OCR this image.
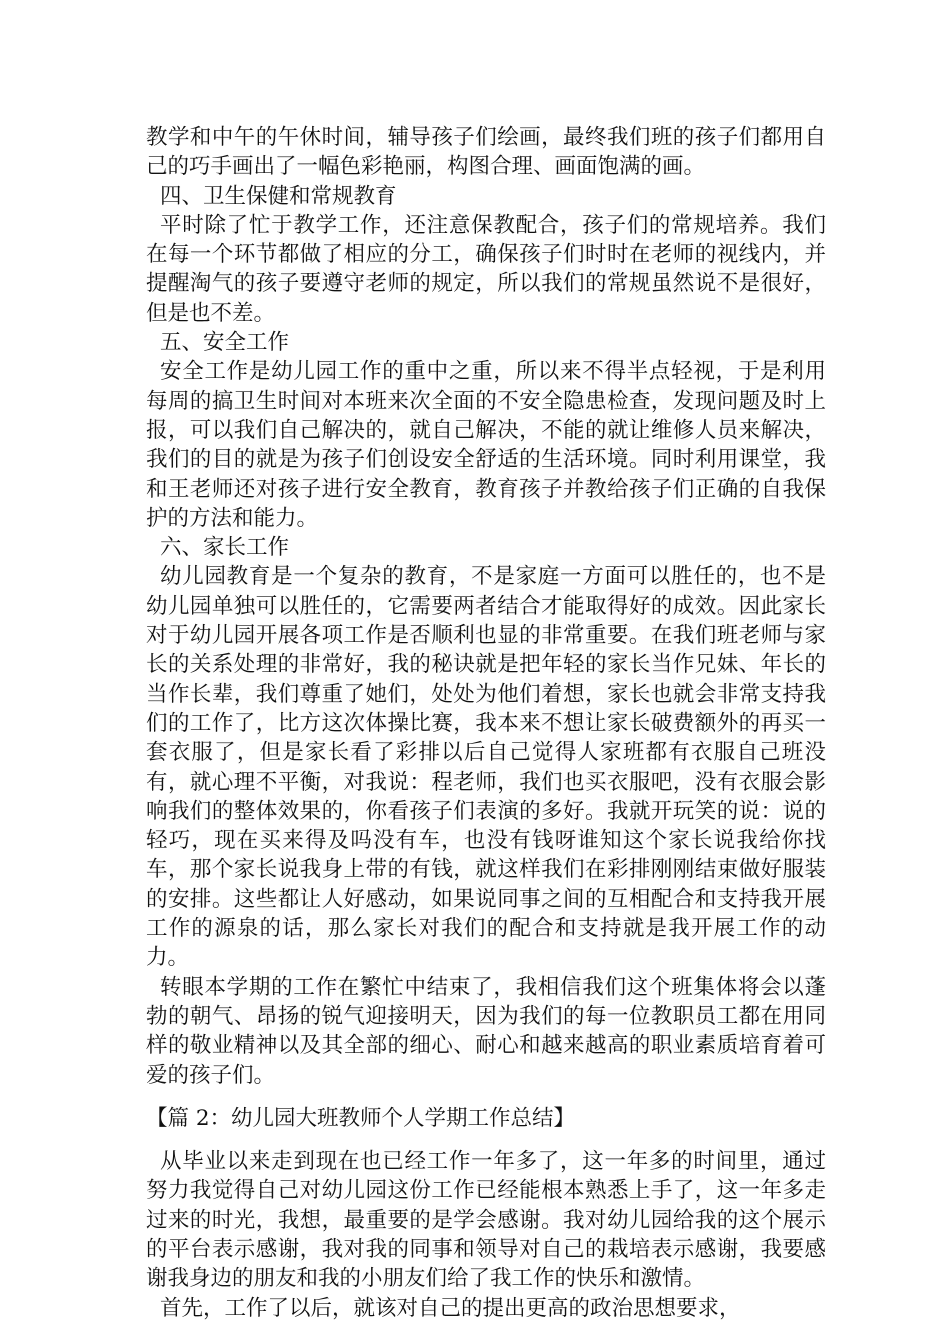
教学和中午的午休时间，辅导孩子们绘画，最终我们班的孩子们都用自己的巧手画出了一幅色彩艳丽，构图合理、画面饱满的画。

四、卫生保健和常规教育

平时除了忙于教学工作，还注意保教配合，孩子们的常规培养。我们在每一个环节都做了相应的分工，确保孩子们时时在老师的视线内，并提醒淘气的孩子要遵守老师的规定，所以我们的常规虽然说不是很好，但是也不差。

五、安全工作

安全工作是幼儿园工作的重中之重，所以来不得半点轻视，于是利用每周的搞卫生时间对本班来次全面的不安全隐患检查，发现问题及时上报，可以我们自己解决的，就自己解决，不能的就让维修人员来解决，我们的目的就是为孩子们创设安全舒适的生活环境。同时利用课堂，我和王老师还对孩子进行安全教育，教育孩子并教给孩子们正确的自我保护的方法和能力。

六、家长工作

幼儿园教育是一个复杂的教育，不是家庭一方面可以胜任的，也不是幼儿园单独可以胜任的，它需要两者结合才能取得好的成效。因此家长对于幼儿园开展各项工作是否顺利也显的非常重要。在我们班老师与家长的关系处理的非常好，我的秘诀就是把年轻的家长当作兄妹、年长的当作长辈，我们尊重了她们，处处为他们着想，家长也就会非常支持我们的工作了，比方这次体操比赛，我本来不想让家长破费额外的再买一套衣服了，但是家长看了彩排以后自己觉得人家班都有衣服自己班没有，就心理不平衡，对我说：程老师，我们也买衣服吧，没有衣服会影响我们的整体效果的，你看孩子们表演的多好。我就开玩笑的说：说的轻巧，现在买来得及吗没有车，也没有钱呀谁知这个家长说我给你找车，那个家长说我身上带的有钱，就这样我们在彩排刚刚结束做好服装的安排。这些都让人好感动，如果说同事之间的互相配合和支持我开展工作的源泉的话，那么家长对我们的配合和支持就是我开展工作的动力。

转眼本学期的工作在繁忙中结束了，我相信我们这个班集体将会以蓬勃的朝气、昂扬的锐气迎接明天，因为我们的每一位教职员工都在用同样的敬业精神以及其全部的细心、耐心和越来越高的职业素质培育着可爱的孩子们。

【篇 2：幼儿园大班教师个人学期工作总结】

从毕业以来走到现在也已经工作一年多了，这一年多的时间里，通过努力我觉得自己对幼儿园这份工作已经能根本熟悉上手了，这一年多走过来的时光，我想，最重要的是学会感谢。我对幼儿园给我的这个展示的平台表示感谢，我对我的同事和领导对自己的栽培表示感谢，我要感谢我身边的朋友和我的小朋友们给了我工作的快乐和激情。

首先，工作了以后，就该对自己的提出更高的政治思想要求，
